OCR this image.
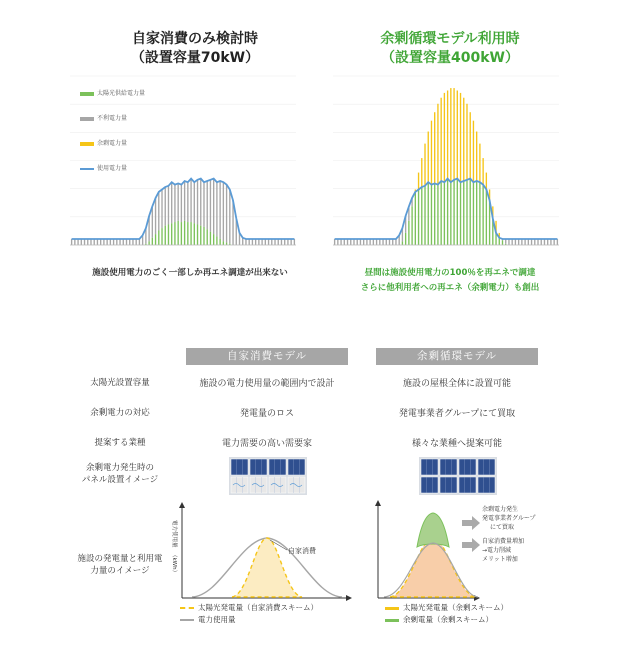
自家消費のみ検討時
（設置容量70kW）
余剰循環モデル利用時
（設置容量400kW）
太陽光供給電力量
不利電力量
余剰電力量
使用電力量
施設使用電力のごく一部しか再エネ調達が出来ない	昼間は施設使用電力の100％を再エネで調達
さらに他利用者への再エネ（余剰電力）も創出
自家消費モデル	余剰循環モデル
太陽光設置容量	施設の電力使用量の範囲内で設計	施設の屋根全体に設置可能
余剰電力の対応	発電量のロス	発電事業者グループにて買取
提案する業種	電力需要の高い需要家	様々な業種へ提案可能
余剰電力発生時の
パネル設置イメージ
施設の発電量と利用電
力量のイメージ
自家消費
電力使用量
（kWh）
余剰電力発生
発電事業者グループ
にて買取
自家消費量増加
→電力削減
メリット増加
太陽光発電量（自家消費スキーム）
電力使用量
太陽光発電量（余剰スキーム）
余剰電量（余剰スキーム）
